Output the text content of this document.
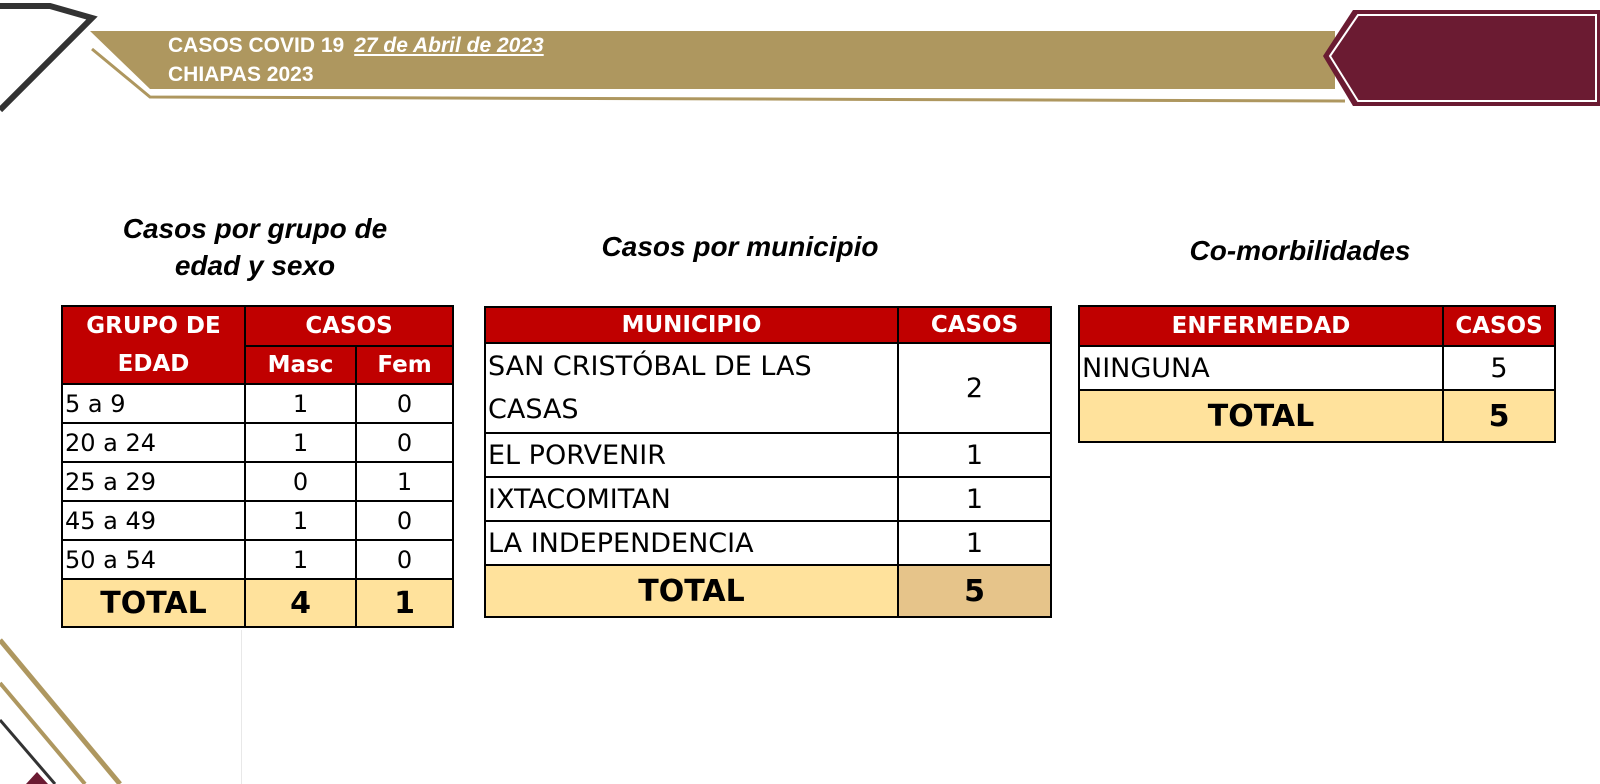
CASOS COVID 19 27 de Abril de 2023
CHIAPAS 2023
Casos por grupo de
edad y sexo
Casos por municipio	Co-morbilidades
GRUPO DE
EDAD	CASOS	
	Masc	Fem
5 a 9	1	0
20 a 24	1	0
25 a 29	0	1
45 a 49	1	0
50 a 54	1	0
TOTAL	4	1
MUNICIPIO	CASOS

SAN CRISTÓBAL DE LAS
CASAS	2
EL PORVENIR	1
IXTACOMITAN	1
LA INDEPENDENCIA	1
TOTAL	5
ENFERMEDAD	CASOS
NINGUNA	5
TOTAL	5
